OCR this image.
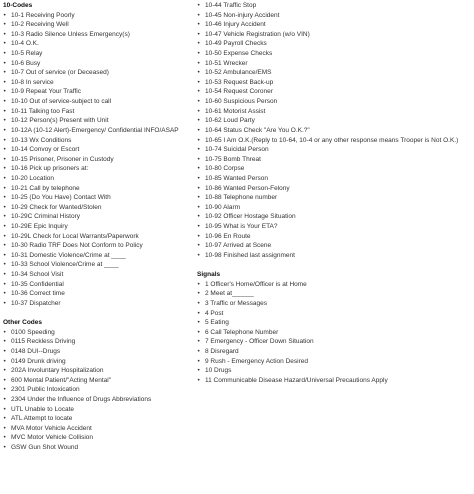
10-Codes
• 10-1 Receiving Poorly
• 10-2 Receiving Well
• 10-3 Radio Silence Unless Emergency(s)
• 10-4 O.K.
• 10-5 Relay
• 10-6 Busy
• 10-7 Out of service (or Deceased)
• 10-8 In service
• 10-9 Repeat Your Traffic
• 10-10 Out of service-subject to call
• 10-11 Talking too Fast
• 10-12 Person(s) Present with Unit
• 10-12A (10-12 Alert)-Emergency/ Confidential INFO/ASAP
• 10-13 Wx Conditions
• 10-14 Convoy or Escort
• 10-15 Prisoner, Prisoner in Custody
• 10-16 Pick up prisoners at:
• 10-20 Location
• 10-21 Call by telephone
• 10-25 (Do You Have) Contact With
• 10-29 Check for Wanted/Stolen
• 10-29C Criminal History
• 10-29E Epic Inquiry
• 10-29L Check for Local Warrants/Paperwork
• 10-30 Radio TRF Does Not Conform to Policy
• 10-31 Domestic Violence/Crime at ____
• 10-33 School Violence/Crime at ____
• 10-34 School Visit
• 10-35 Confidential
• 10-36 Correct time
• 10-37 Dispatcher
Other Codes
• 0100 Speeding
• 0115 Reckless Driving
• 0148 DUI--Drugs
• 0149 Drunk driving
• 202A Involuntary Hospitalization
• 600 Mental Patient/"Acting Mental"
• 2301 Public Intoxication
• 2304 Under the Influence of Drugs Abbreviations
• UTL Unable to Locate
• ATL Attempt to locate
• MVA Motor Vehicle Accident
• MVC Motor Vehicle Collision
• GSW Gun Shot Wound
• 10-44 Traffic Stop
• 10-45 Non-injury Accident
• 10-46 Injury Accident
• 10-47 Vehicle Registration (w/o VIN)
• 10-49 Payroll Checks
• 10-50 Expense Checks
• 10-51 Wrecker
• 10-52 Ambulance/EMS
• 10-53 Request Back-up
• 10-54 Request Coroner
• 10-60 Suspicious Person
• 10-61 Motorist Assist
• 10-62 Loud Party
• 10-64 Status Check "Are You O.K.?"
• 10-65 I Am O.K.(Reply to 10-64, 10-4 or any other response means Trooper is Not O.K.)
• 10-74 Suicidal Person
• 10-75 Bomb Threat
• 10-80 Corpse
• 10-85 Wanted Person
• 10-86 Wanted Person-Felony
• 10-88 Telephone number
• 10-90 Alarm
• 10-92 Officer Hostage Situation
• 10-95 What is Your ETA?
• 10-96 En Route
• 10-97 Arrived at Scene
• 10-98 Finished last assignment
Signals
• 1 Officer's Home/Officer is at Home
• 2 Meet at______
• 3 Traffic or Messages
• 4 Post
• 5 Eating
• 6 Call Telephone Number
• 7 Emergency - Officer Down Situation
• 8 Disregard
• 9 Rush - Emergency Action Desired
• 10 Drugs
• 11 Communicable Disease Hazard/Universal Precautions Apply
